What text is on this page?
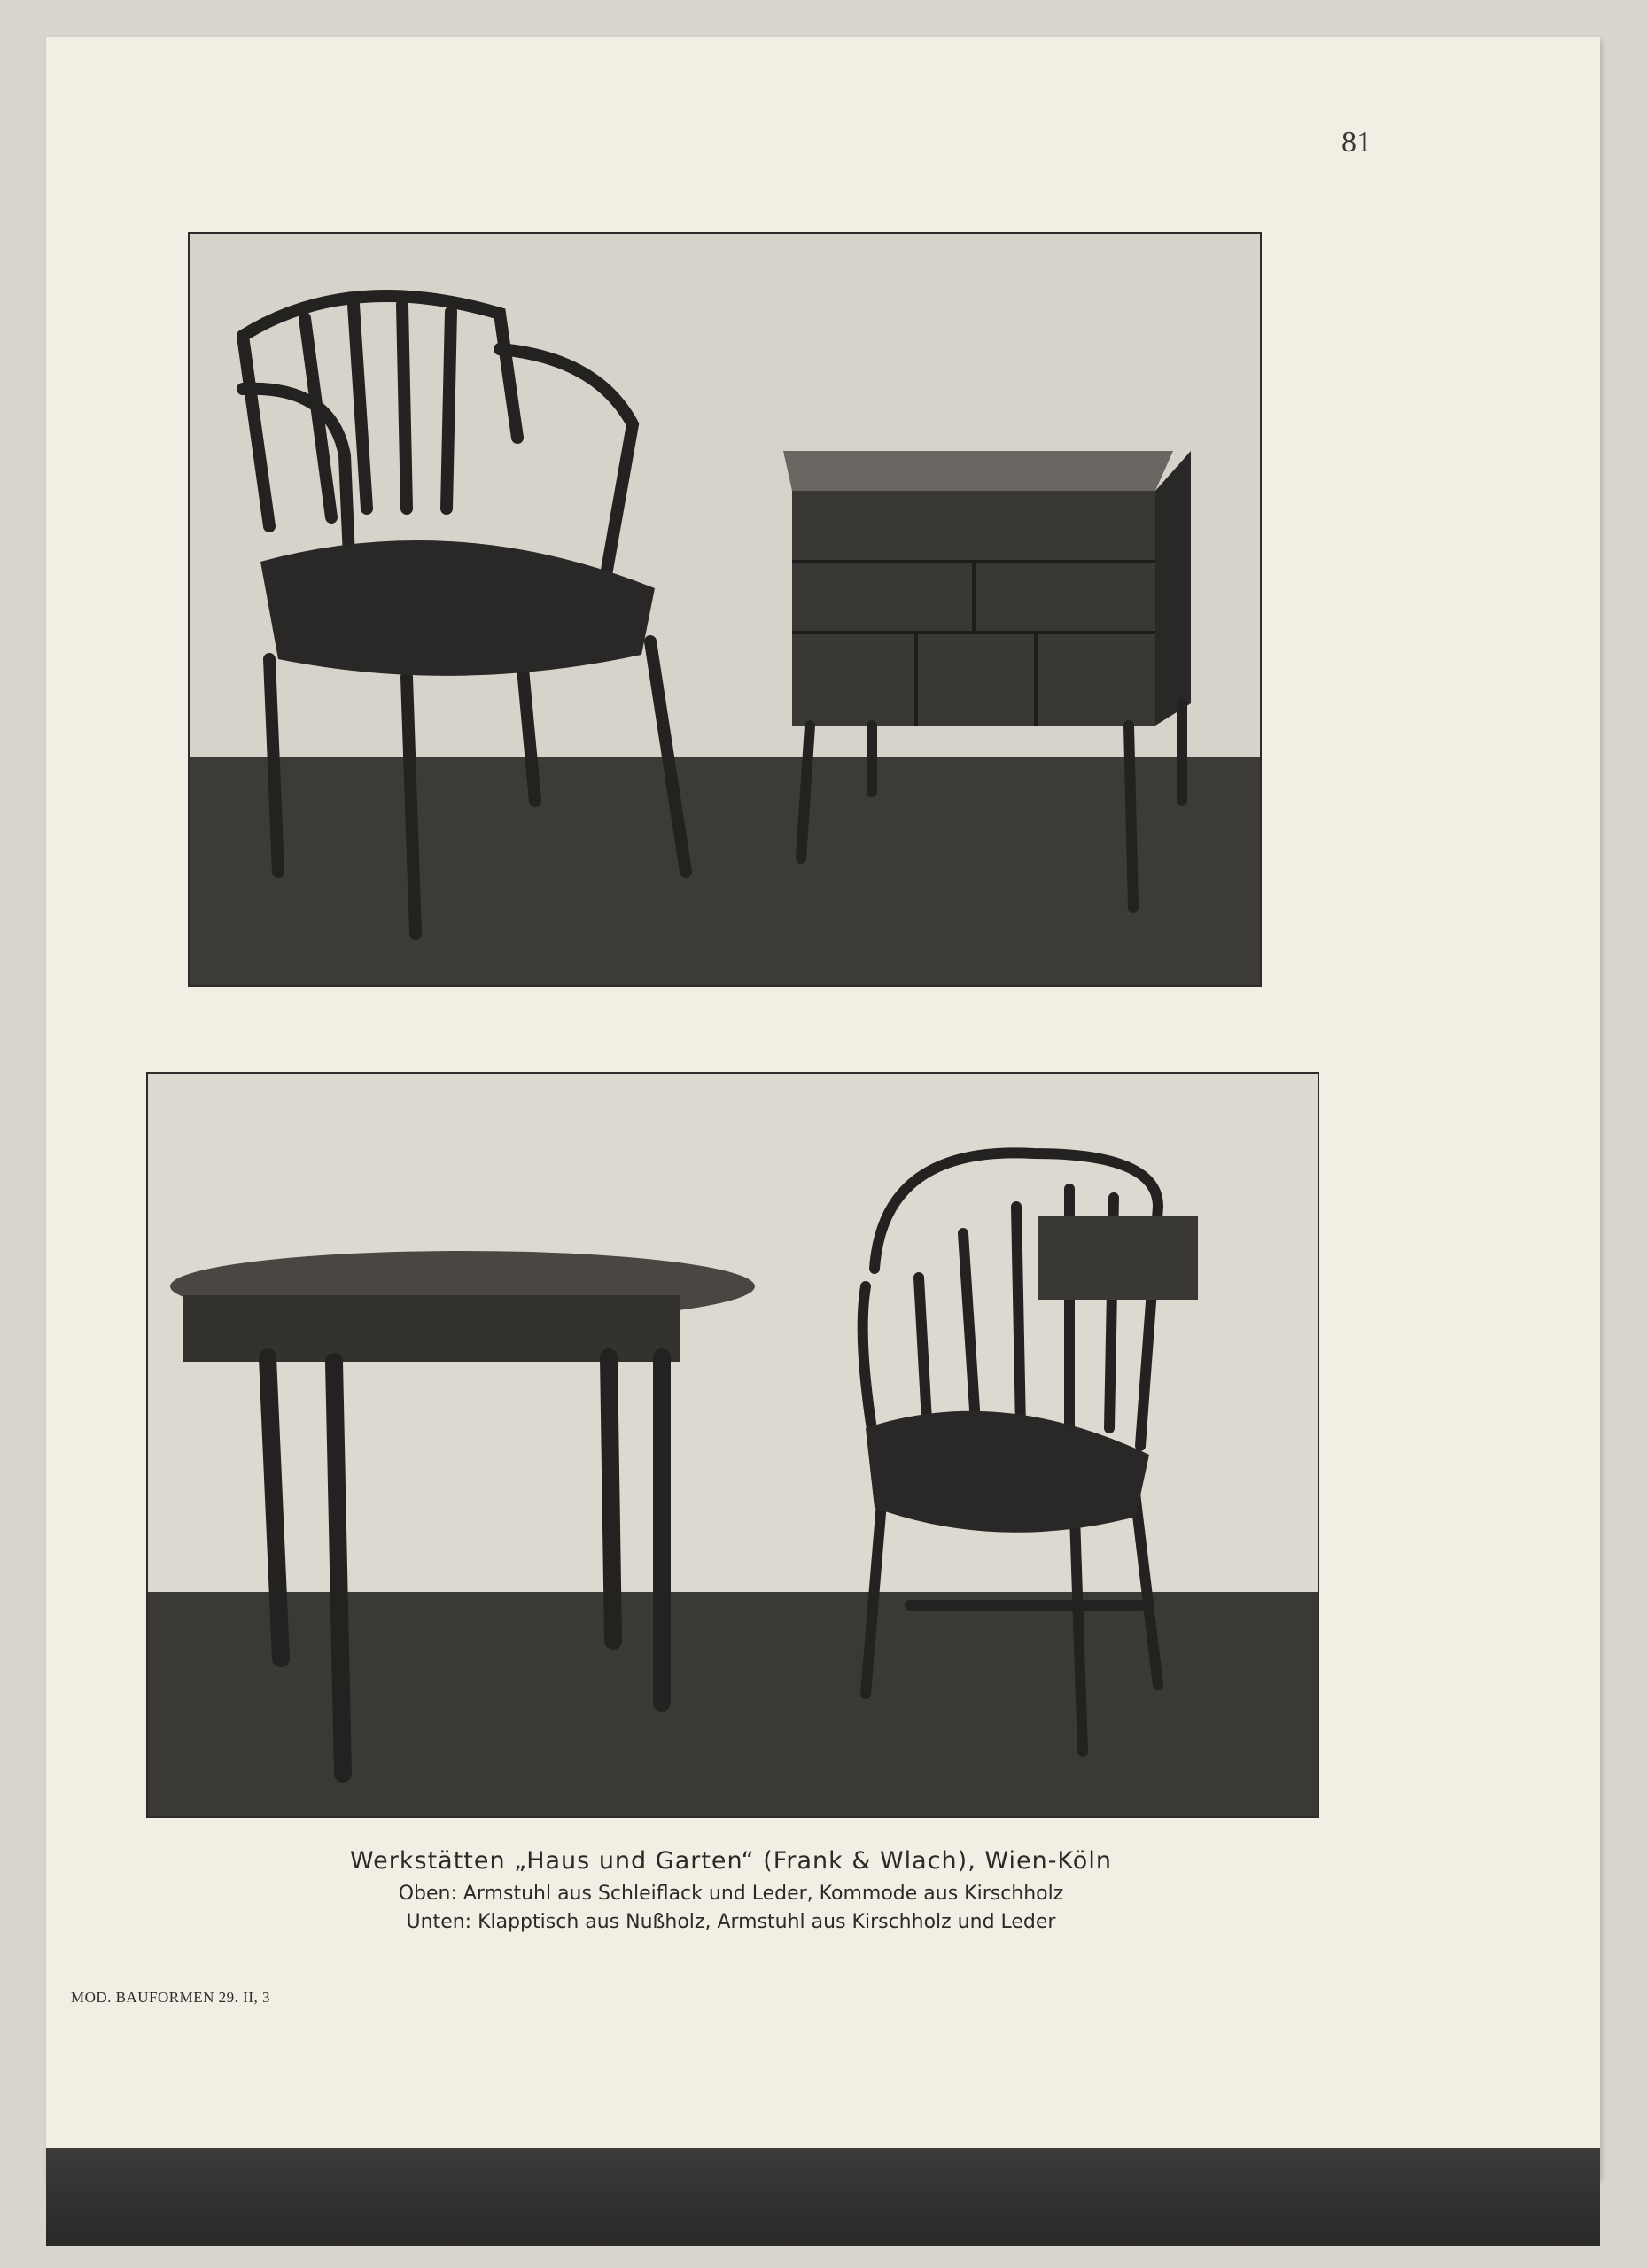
81
Werkstätten „Haus und Garten“ (Frank & Wlach), Wien-Köln
Oben: Armstuhl aus Schleiflack und Leder, Kommode aus Kirschholz
Unten: Klapptisch aus Nußholz, Armstuhl aus Kirschholz und Leder
MOD. BAUFORMEN 29. II, 3
